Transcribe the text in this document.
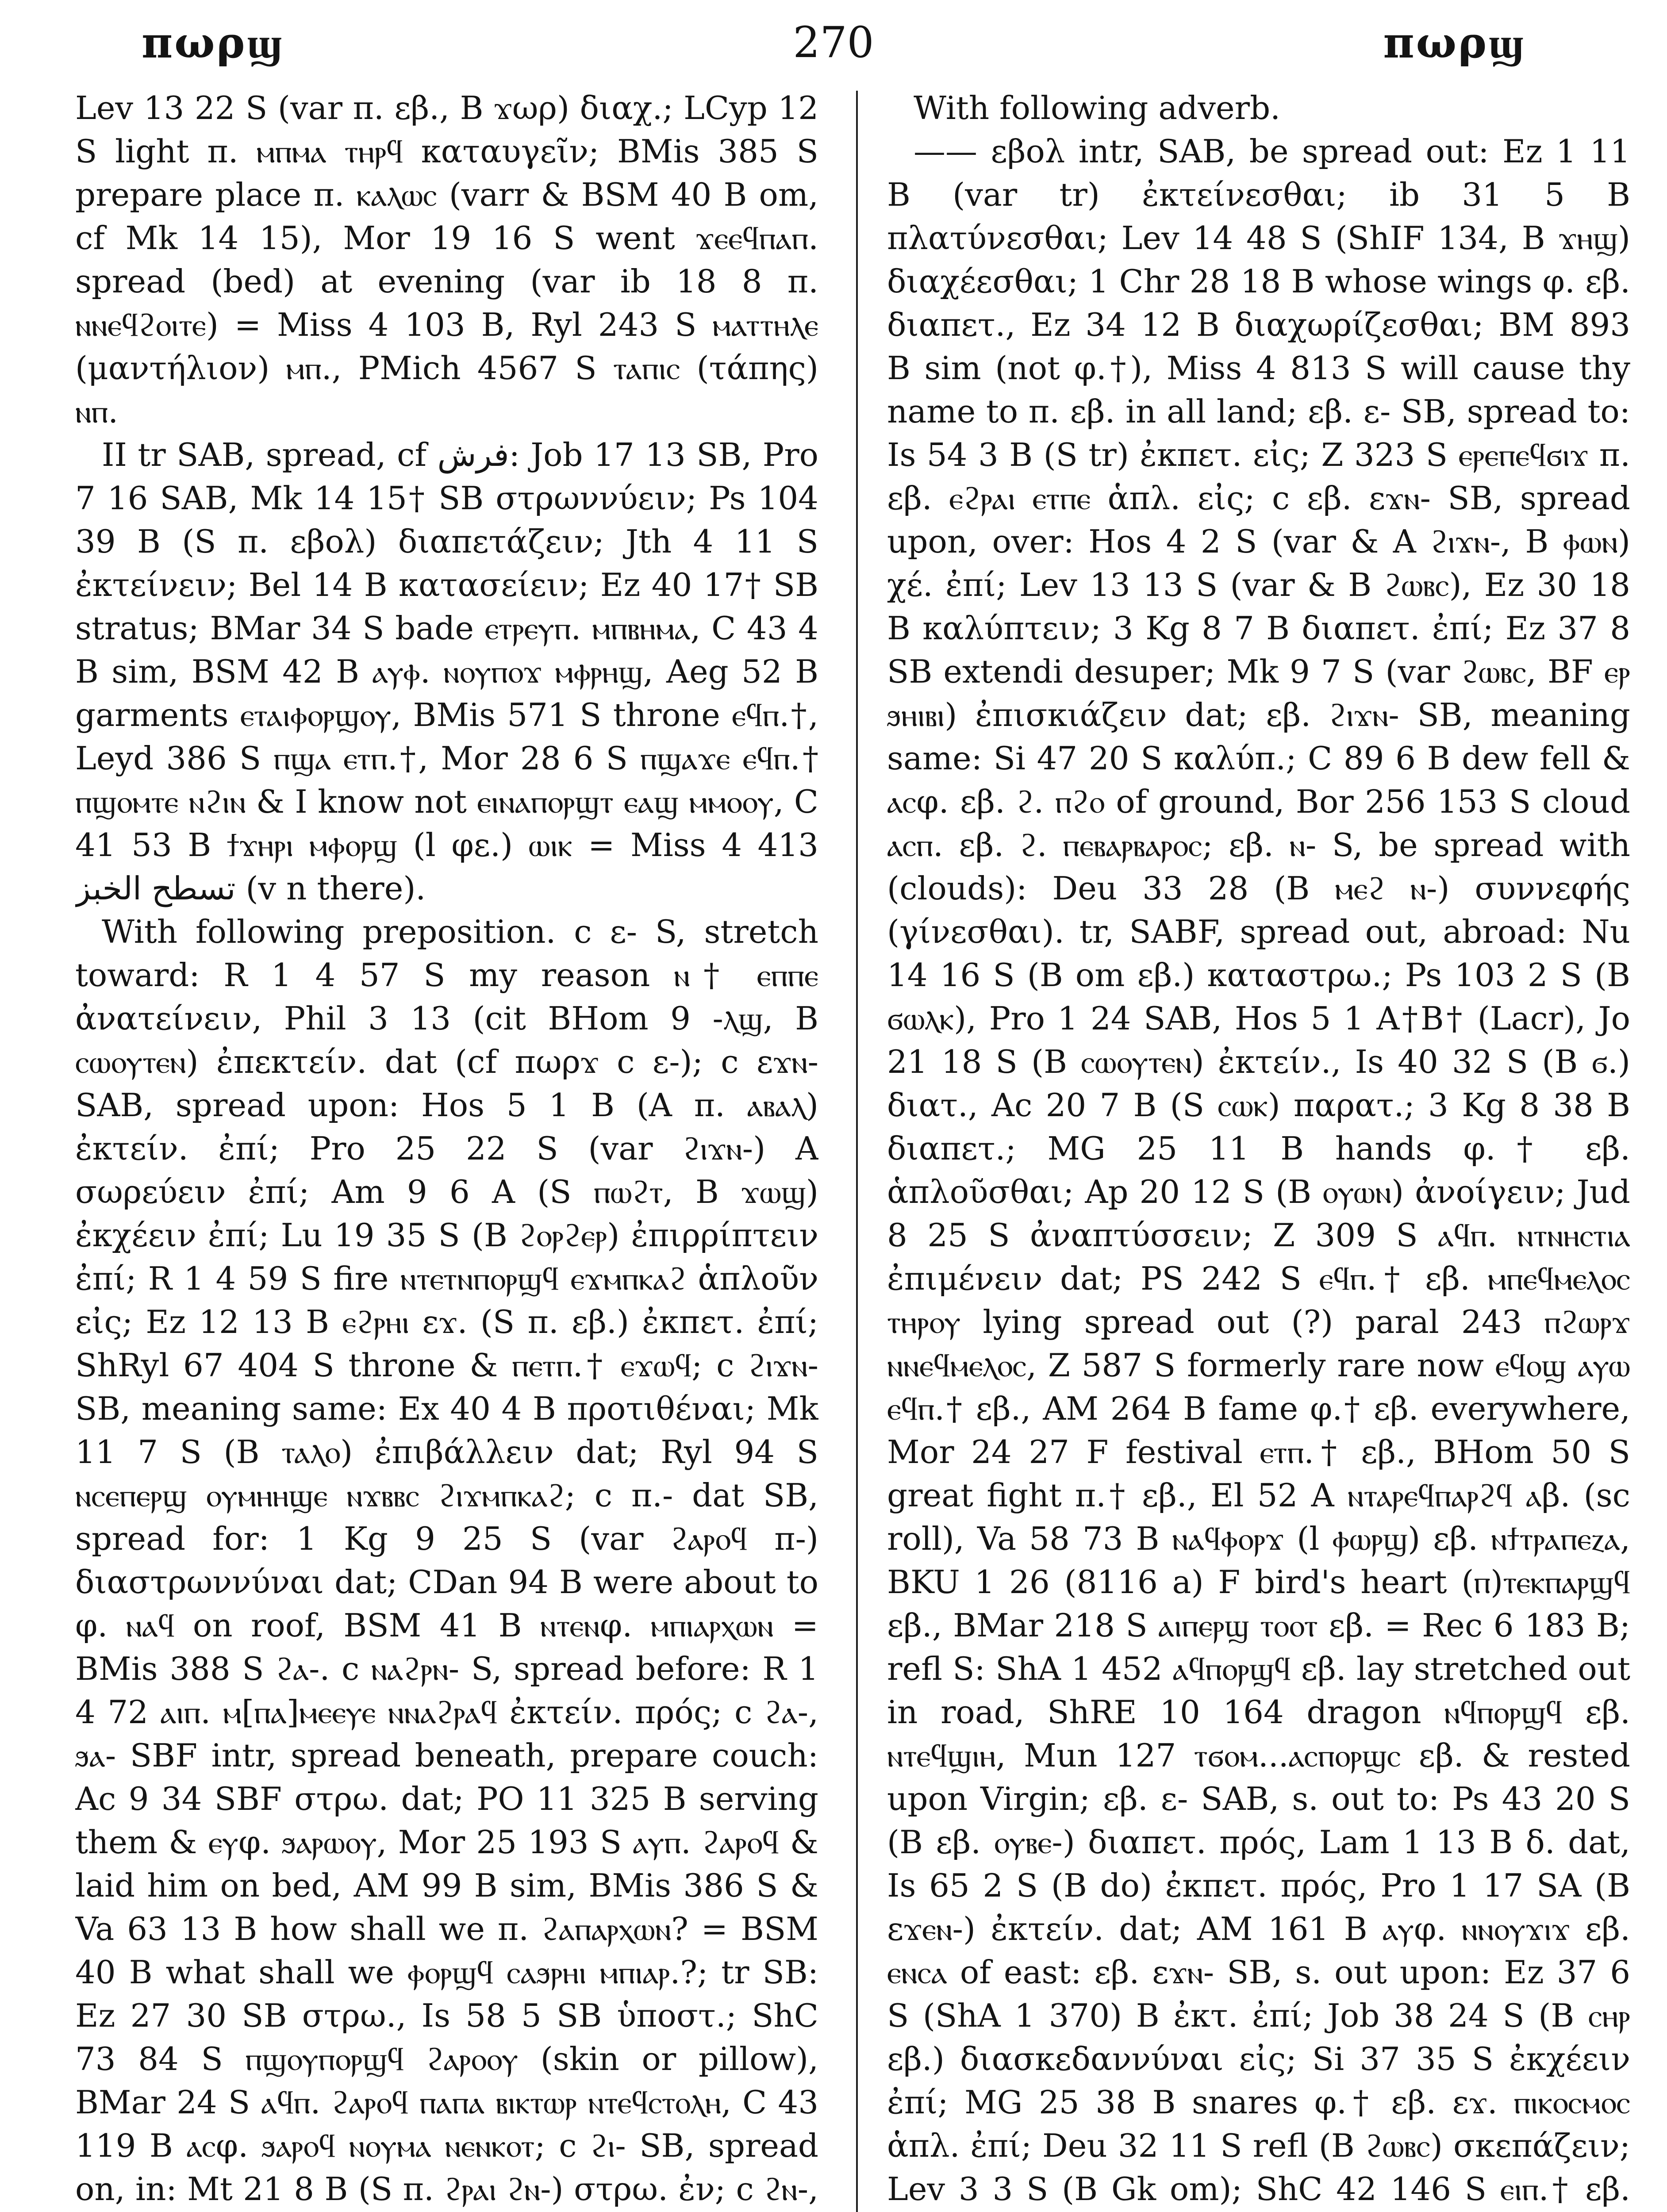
270
πωρϣ	πωρϣ

Lev 13 22 S (var π. εβ., B ϫωρ) διαχ.; LCyp 12 S light π. ⲙⲡⲙⲁ ⲧⲏⲣϥ καταυγεῖν; BMis 385 S prepare place π. ⲕⲁⲗⲱⲥ (varr & BSM 40 B om, cf Mk 14 15), Mor 19 16 S went ϫⲉⲉϥⲡⲁⲡ. spread (bed) at evening (var ib 18 8 π. ⲛⲛⲉϥϩⲟⲓⲧⲉ) = Miss 4 103 B, Ryl 243 S ⲙⲁⲧⲧⲏⲗⲉ (μαντήλιον) ⲙⲡ., PMich 4567 S ⲧⲁⲡⲓⲥ (τάπης) ⲛⲡ.

II tr SAB, spread, cf فرش: Job 17 13 SB, Pro 7 16 SAB, Mk 14 15† SB στρωννύειν; Ps 104 39 B (S π. εβολ) διαπετάζειν; Jth 4 11 S ἐκτείνειν; Bel 14 B κατασείειν; Ez 40 17† SB stratus; BMar 34 S bade ⲉⲧⲣⲉⲩⲡ. ⲙⲡⲃⲏⲙⲁ, C 43 4 B sim, BSM 42 B ⲁⲩⲫ. ⲛⲟⲩⲡⲟϫ ⲙⲫⲣⲏϣ, Aeg 52 B garments ⲉⲧⲁⲓⲫⲟⲣϣⲟⲩ, BMis 571 S throne ⲉϥⲡ.†, Leyd 386 S ⲡϣⲁ ⲉⲧⲡ.†, Mor 28 6 S ⲡϣⲁϫⲉ ⲉϥⲡ.† ⲡϣⲟⲙⲧⲉ ⲛϩⲓⲛ & I know not ⲉⲓⲛⲁⲡⲟⲣϣⲧ ⲉⲁϣ ⲙⲙⲟⲟⲩ, C 41 53 B ϯϫⲏⲣⲓ ⲙⲫⲟⲣϣ (l φε.) ⲱⲓⲕ = Miss 4 413 تسطح الخبز (v n there).

With following preposition. c ε- S, stretch toward: R 1 4 57 S my reason ⲛ† ⲉⲡⲡⲉ ἀνατείνειν, Phil 3 13 (cit BHom 9 -ⲗϣ, B ⲥⲱⲟⲩⲧⲉⲛ) ἐπεκτείν. dat (cf πωρϫ c ε-); c εϫⲛ- SAB, spread upon: Hos 5 1 B (A π. ⲁⲃⲁⲗ) ἐκτείν. ἐπί; Pro 25 22 S (var ϩⲓϫⲛ-) A σωρεύειν ἐπί; Am 9 6 A (S ⲡⲱϩⲧ, B ϫⲱϣ) ἐκχέειν ἐπί; Lu 19 35 S (B ϩⲟⲣϩⲉⲣ) ἐπιρρίπτειν ἐπί; R 1 4 59 S fire ⲛⲧⲉⲧⲛⲡⲟⲣϣϥ ⲉϫⲙⲡⲕⲁϩ ἁπλοῦν εἰς; Ez 12 13 B ⲉϩⲣⲏⲓ εϫ. (S π. εβ.) ἐκπετ. ἐπί; ShRyl 67 404 S throne & ⲡⲉⲧⲡ.† ⲉϫⲱϥ; c ϩⲓϫⲛ- SB, meaning same: Ex 40 4 B προτιθέναι; Mk 11 7 S (B ⲧⲁⲗⲟ) ἐπιβάλλειν dat; Ryl 94 S ⲛⲥⲉⲡⲉⲣϣ ⲟⲩⲙⲏⲏϣⲉ ⲛϫⲃⲃⲥ ϩⲓϫⲙⲡⲕⲁϩ; c π.- dat SB, spread for: 1 Kg 9 25 S (var ϩⲁⲣⲟϥ π-) διαστρωννύναι dat; CDan 94 B were about to φ. ⲛⲁϥ on roof, BSM 41 B ⲛⲧⲉⲛφ. ⲙⲡⲓⲁⲣⲭⲱⲛ = BMis 388 S ϩⲁ-. c ⲛⲁϩⲣⲛ- S, spread before: R 1 4 72 ⲁⲓⲡ. ⲙ[ⲡⲁ]ⲙⲉⲉⲩⲉ ⲛⲛⲁϩⲣⲁϥ ἐκτείν. πρός; c ϩⲁ-, ϧⲁ- SBF intr, spread beneath, prepare couch: Ac 9 34 SBF στρω. dat; PO 11 325 B serving them & ⲉⲩφ. ϧⲁⲣⲱⲟⲩ, Mor 25 193 S ⲁⲩⲡ. ϩⲁⲣⲟϥ & laid him on bed, AM 99 B sim, BMis 386 S & Va 63 13 B how shall we π. ϩⲁⲡⲁⲣⲭⲱⲛ? = BSM 40 B what shall we ⲫⲟⲣϣϥ ⲥⲁϧⲣⲏⲓ ⲙⲡⲓⲁⲣ.?; tr SB: Ez 27 30 SB στρω., Is 58 5 SB ὑποστ.; ShC 73 84 S ⲡϣⲟⲩⲡⲟⲣϣϥ ϩⲁⲣⲟⲟⲩ (skin or pillow), BMar 24 S ⲁϥⲡ. ϩⲁⲣⲟϥ ⲡⲁⲡⲁ ⲃⲓⲕⲧⲱⲣ ⲛⲧⲉϥⲥⲧⲟⲗⲏ, C 43 119 B ⲁⲥφ. ϧⲁⲣⲟϥ ⲛⲟⲩⲙⲁ ⲛⲉⲛⲕⲟⲧ; c ϩⲓ- SB, spread on, in: Mt 21 8 B (S π. ϩⲣⲁⲓ ϩⲛ-) στρω. ἐν; c ϩⲛ-,

With following adverb.

—— εβολ intr, SAB, be spread out: Ez 1 11 B (var tr) ἐκτείνεσθαι; ib 31 5 B πλατύνεσθαι; Lev 14 48 S (ShIF 134, B ϫⲏϣ) διαχέεσθαι; 1 Chr 28 18 B whose wings φ. εβ. διαπετ., Ez 34 12 B διαχωρίζεσθαι; BM 893 B sim (not φ.†), Miss 4 813 S will cause thy name to π. εβ. in all land; εβ. ε- SB, spread to: Is 54 3 B (S tr) ἐκπετ. εἰς; Z 323 S ⲉⲣⲉⲡⲉϥϭⲓϫ π. εβ. ⲉϩⲣⲁⲓ ⲉⲧⲡⲉ ἁπλ. εἰς; c εβ. εϫⲛ- SB, spread upon, over: Hos 4 2 S (var & A ϩⲓϫⲛ-, B ⲫⲱⲛ) χέ. ἐπί; Lev 13 13 S (var & B ϩⲱⲃⲥ), Ez 30 18 B καλύπτειν; 3 Kg 8 7 B διαπετ. ἐπί; Ez 37 8 SB extendi desuper; Mk 9 7 S (var ϩⲱⲃⲥ, BF ⲉⲣ ϧⲏⲓⲃⲓ) ἐπισκιάζειν dat; εβ. ϩⲓϫⲛ- SB, meaning same: Si 47 20 S καλύπ.; C 89 6 B dew fell & ⲁⲥφ. εβ. ϩ. ⲡϩⲟ of ground, Bor 256 153 S cloud ⲁⲥⲡ. εβ. ϩ. ⲡⲉⲃⲁⲣⲃⲁⲣⲟⲥ; εβ. ⲛ- S, be spread with (clouds): Deu 33 28 (B ⲙⲉϩ ⲛ-) συννεφής (γίνεσθαι). tr, SABF, spread out, abroad: Nu 14 16 S (B om εβ.) καταστρω.; Ps 103 2 S (B ϭⲱⲗⲕ), Pro 1 24 SAB, Hos 5 1 A†B† (Lacr), Jo 21 18 S (B ⲥⲱⲟⲩⲧⲉⲛ) ἐκτείν., Is 40 32 S (B ϭ.) διατ., Ac 20 7 B (S ⲥⲱⲕ) παρατ.; 3 Kg 8 38 B διαπετ.; MG 25 11 B hands φ.† εβ. ἁπλοῦσθαι; Ap 20 12 S (B ⲟⲩⲱⲛ) ἀνοίγειν; Jud 8 25 S ἀναπτύσσειν; Z 309 S ⲁϥⲡ. ⲛⲧⲛⲏⲥⲧⲓⲁ ἐπιμένειν dat; PS 242 S ⲉϥⲡ.† εβ. ⲙⲡⲉϥⲙⲉⲗⲟⲥ ⲧⲏⲣⲟⲩ lying spread out (?) paral 243 ⲡϩⲱⲣϫ ⲛⲛⲉϥⲙⲉⲗⲟⲥ, Z 587 S formerly rare now ⲉϥⲟϣ ⲁⲩⲱ ⲉϥⲡ.† εβ., AM 264 B fame φ.† εβ. everywhere, Mor 24 27 F festival ⲉⲧⲡ.† εβ., BHom 50 S great fight π.† εβ., El 52 A ⲛⲧⲁⲣⲉϥⲡⲁⲣϩϥ ⲁβ. (sc roll), Va 58 73 B ⲛⲁϥⲫⲟⲣϫ (l ⲫⲱⲣϣ) εβ. ⲛϯⲧⲣⲁⲡⲉⲍⲁ, BKU 1 26 (8116 a) F bird's heart (ⲡ)ⲧⲉⲕⲡⲁⲣϣϥ εβ., BMar 218 S ⲁⲓⲡⲉⲣϣ ⲧⲟⲟⲧ εβ. = Rec 6 183 B; refl S: ShA 1 452 ⲁϥⲡⲟⲣϣϥ εβ. lay stretched out in road, ShRE 10 164 dragon ⲛϥⲡⲟⲣϣϥ εβ. ⲛⲧⲉϥϣⲓⲏ, Mun 127 ⲧϭⲟⲙ...ⲁⲥⲡⲟⲣϣⲥ εβ. & rested upon Virgin; εβ. ε- SAB, s. out to: Ps 43 20 S (B εβ. ⲟⲩⲃⲉ-) διαπετ. πρός, Lam 1 13 B δ. dat, Is 65 2 S (B do) ἐκπετ. πρός, Pro 1 17 SA (B εϫⲉⲛ-) ἐκτείν. dat; AM 161 B ⲁⲩφ. ⲛⲛⲟⲩϫⲓϫ εβ. ⲉⲛⲥⲁ of east: εβ. εϫⲛ- SB, s. out upon: Ez 37 6 S (ShA 1 370) B ἐκτ. ἐπί; Job 38 24 S (B ⲥⲏⲣ εβ.) διασκεδαννύναι εἰς; Si 37 35 S ἐκχέειν ἐπί; MG 25 38 B snares φ.† εβ. εϫ. ⲡⲓⲕⲟⲥⲙⲟⲥ ἁπλ. ἐπί; Deu 32 11 S refl (B ϩⲱⲃⲥ) σκεπάζειν; Lev 3 3 S (B Gk om); ShC 42 146 S ⲉⲓⲡ.† εβ.
